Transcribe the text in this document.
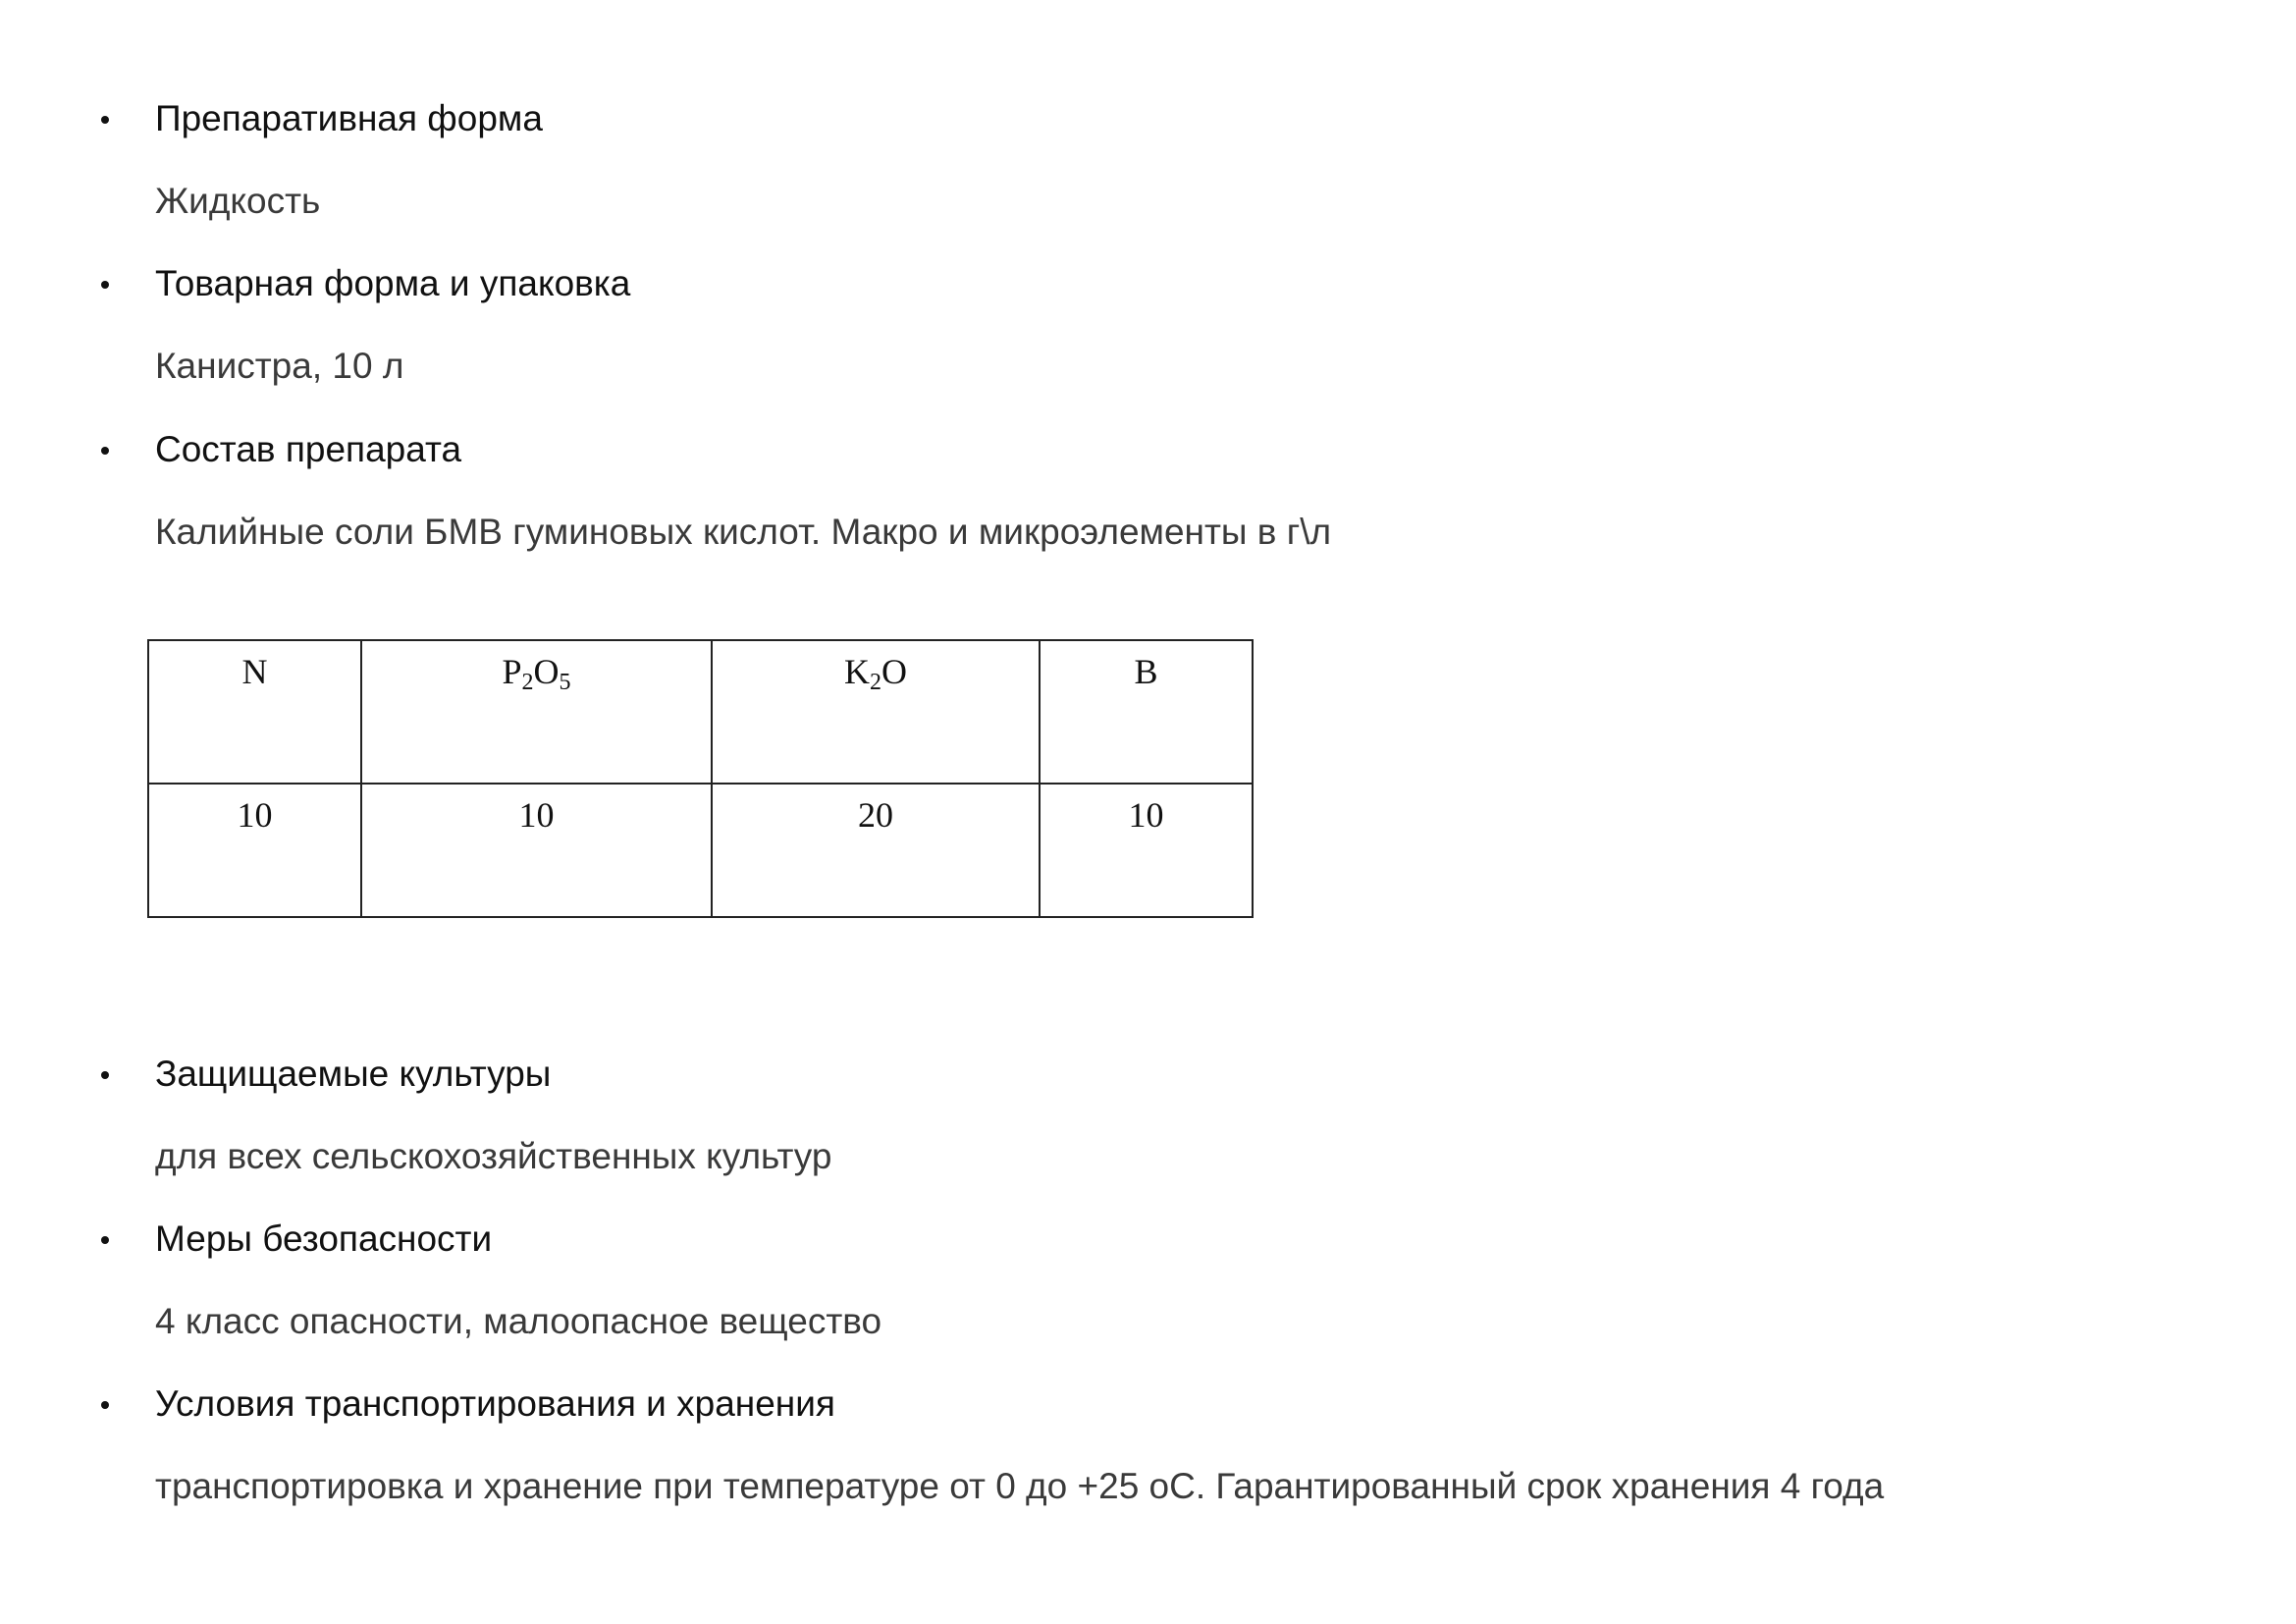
Препаративная форма
Жидкость
Товарная форма и упаковка
Канистра, 10 л
Состав препарата
Калийные соли БМВ гуминовых кислот. Макро и микроэлементы в г\л
N	$P_2O_5$	$K_2O$	B
10	10	20	10
Защищаемые культуры
для всех сельскохозяйственных культур
Меры безопасности
4 класс опасности, малоопасное вещество
Условия транспортирования и хранения
транспортировка и хранение при температуре от 0 до +25 оС. Гарантированный срок хранения 4 года
